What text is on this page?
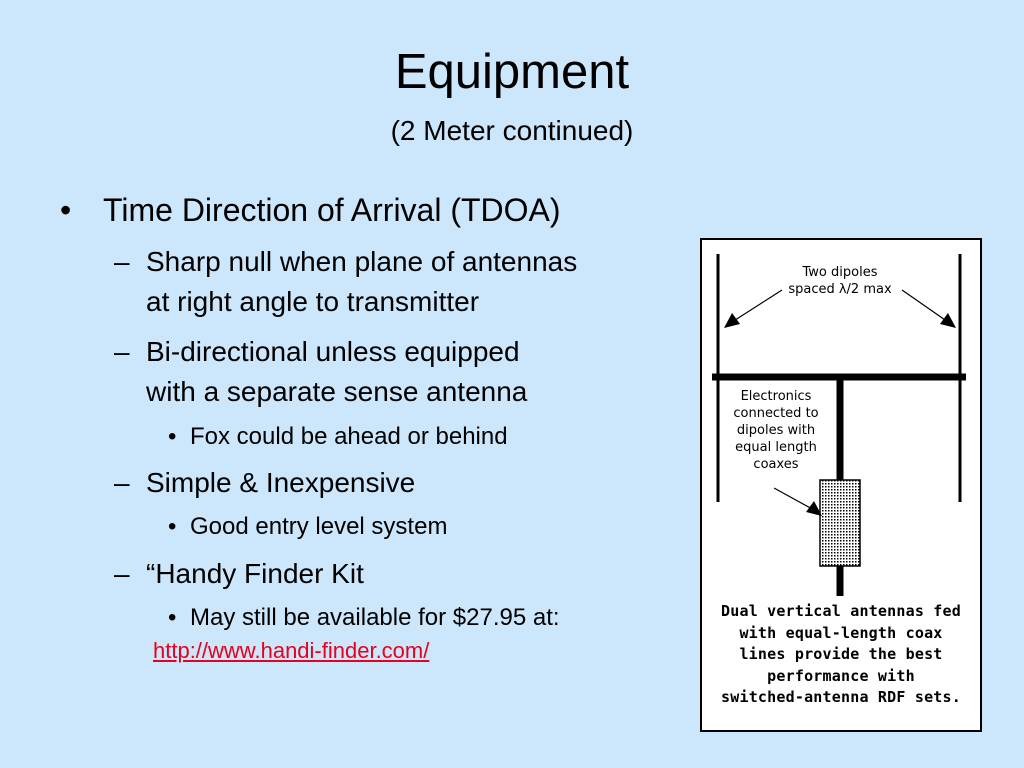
Equipment
(2 Meter continued)
• Time Direction of Arrival (TDOA)
– Sharp null when plane of antennas
at right angle to transmitter
– Bi-directional unless equipped
with a separate sense antenna
• Fox could be ahead or behind
– Simple & Inexpensive
• Good entry level system
– “Handy Finder Kit
• May still be available for $27.95 at:
http://www.handi-finder.com/
Two dipoles
spaced λ/2 max
Electronics
connected to
dipoles with
equal length
coaxes
Dual vertical antennas fed
with equal-length coax
lines provide the best
performance with
switched-antenna RDF sets.
